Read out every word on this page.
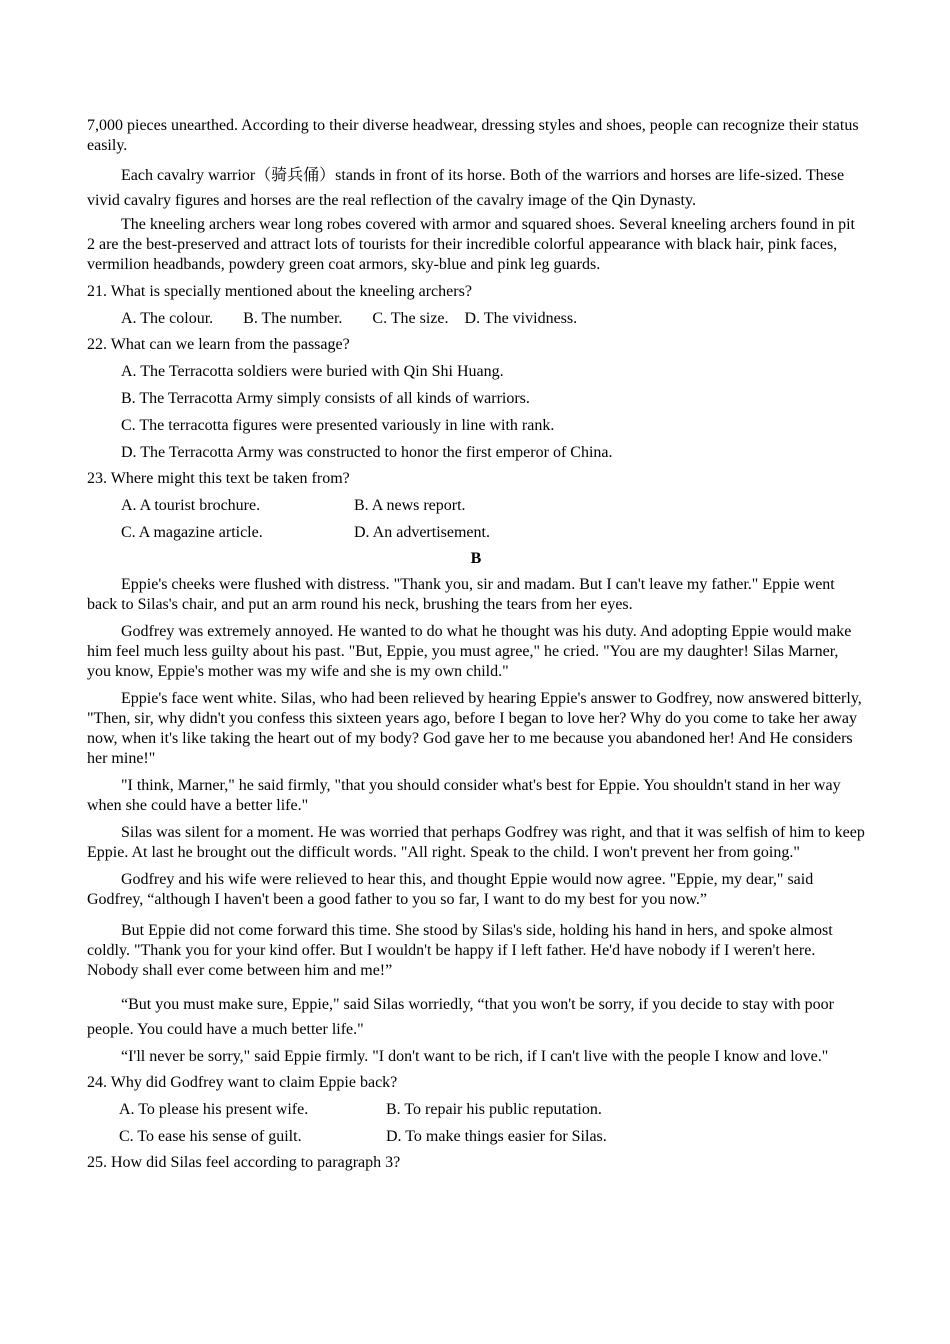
7,000 pieces unearthed. According to their diverse headwear, dressing styles and shoes, people can recognize their status easily.

Each cavalry warrior（骑兵俑）stands in front of its horse. Both of the warriors and horses are life-sized. These vivid cavalry figures and horses are the real reflection of the cavalry image of the Qin Dynasty.

The kneeling archers wear long robes covered with armor and squared shoes. Several kneeling archers found in pit 2 are the best-preserved and attract lots of tourists for their incredible colorful appearance with black hair, pink faces, vermilion headbands, powdery green coat armors, sky-blue and pink leg guards.

21. What is specially mentioned about the kneeling archers?

A. The colour. B. The number. C. The size. D. The vividness.

22. What can we learn from the passage?

A. The Terracotta soldiers were buried with Qin Shi Huang.

B. The Terracotta Army simply consists of all kinds of warriors.

C. The terracotta figures were presented variously in line with rank.

D. The Terracotta Army was constructed to honor the first emperor of China.

23. Where might this text be taken from?

A. A tourist brochure.	B. A news report.
C. A magazine article.	D. An advertisement.

B

Eppie's cheeks were flushed with distress. "Thank you, sir and madam. But I can't leave my father." Eppie went back to Silas's chair, and put an arm round his neck, brushing the tears from her eyes.

Godfrey was extremely annoyed. He wanted to do what he thought was his duty. And adopting Eppie would make him feel much less guilty about his past. "But, Eppie, you must agree," he cried. "You are my daughter! Silas Marner, you know, Eppie's mother was my wife and she is my own child."

Eppie's face went white. Silas, who had been relieved by hearing Eppie's answer to Godfrey, now answered bitterly, "Then, sir, why didn't you confess this sixteen years ago, before I began to love her? Why do you come to take her away now, when it's like taking the heart out of my body? God gave her to me because you abandoned her! And He considers her mine!"

"I think, Marner," he said firmly, "that you should consider what's best for Eppie. You shouldn't stand in her way when she could have a better life."

Silas was silent for a moment. He was worried that perhaps Godfrey was right, and that it was selfish of him to keep Eppie. At last he brought out the difficult words. "All right. Speak to the child. I won't prevent her from going."

Godfrey and his wife were relieved to hear this, and thought Eppie would now agree. "Eppie, my dear," said Godfrey, “although I haven't been a good father to you so far, I want to do my best for you now.”

But Eppie did not come forward this time. She stood by Silas's side, holding his hand in hers, and spoke almost coldly. "Thank you for your kind offer. But I wouldn't be happy if I left father. He'd have nobody if I weren't here. Nobody shall ever come between him and me!”

“But you must make sure, Eppie," said Silas worriedly, “that you won't be sorry, if you decide to stay with poor people. You could have a much better life."

“I'll never be sorry," said Eppie firmly. "I don't want to be rich, if I can't live with the people I know and love."

24. Why did Godfrey want to claim Eppie back?

A. To please his present wife.	B. To repair his public reputation.
C. To ease his sense of guilt.	D. To make things easier for Silas.

25. How did Silas feel according to paragraph 3?
